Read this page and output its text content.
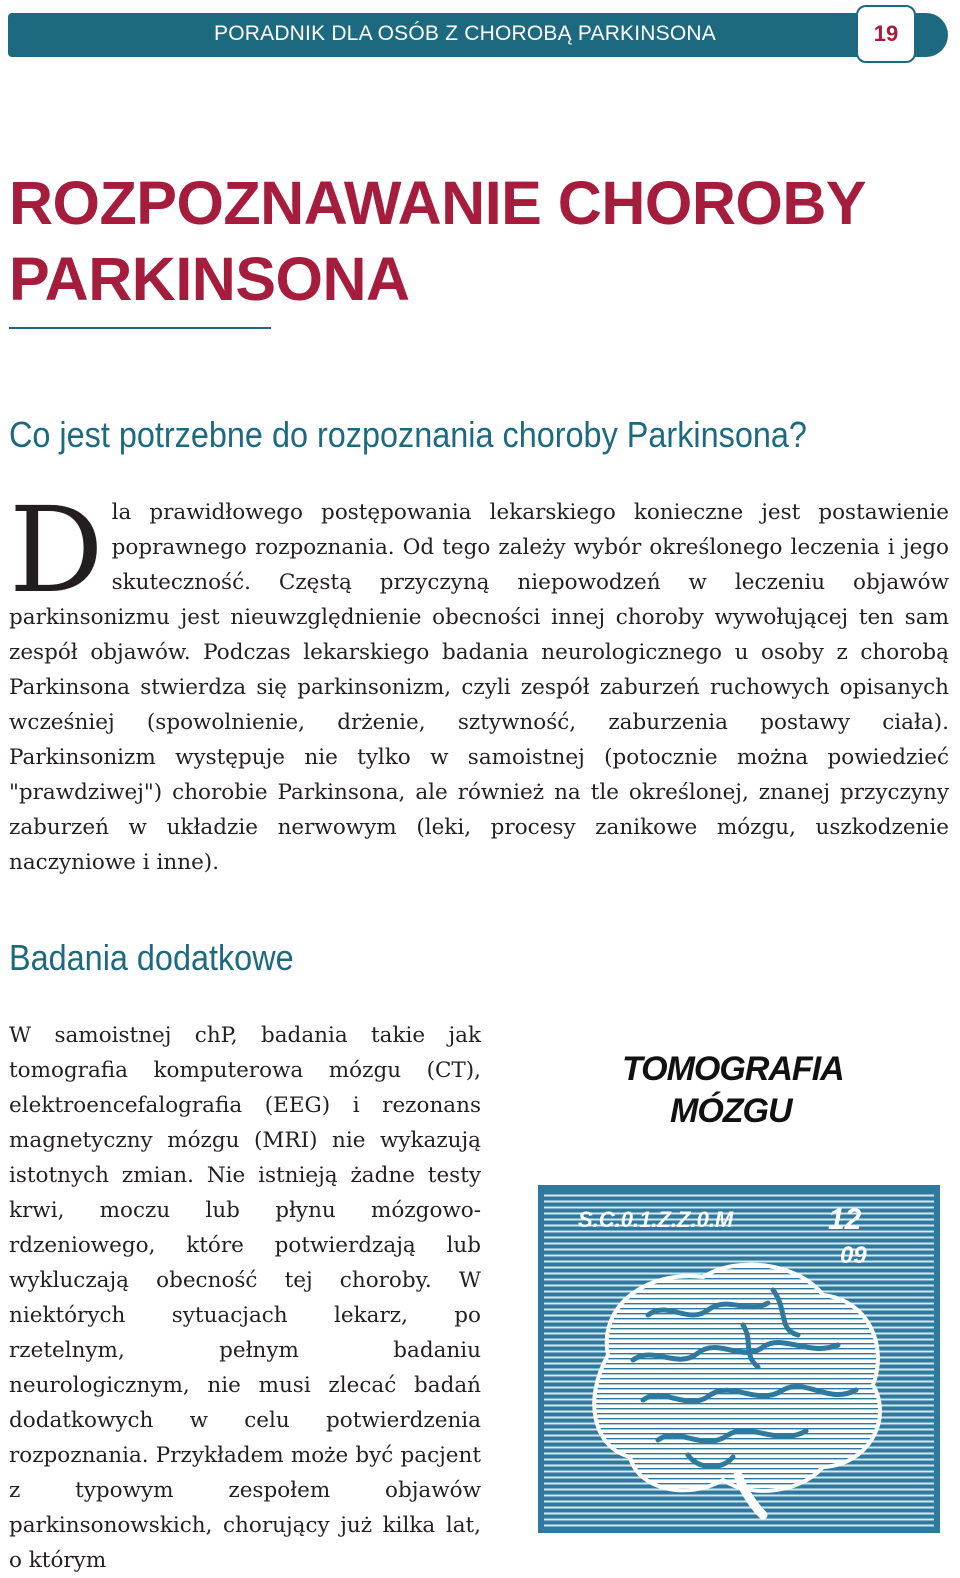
PORADNIK DLA OSÓB Z CHOROBĄ PARKINSONA	19
ROZPOZNAWANIE CHOROBY PARKINSONA
Co jest potrzebne do rozpoznania choroby Parkinsona?

Dla prawidłowego postępowania lekarskiego konieczne jest postawienie poprawnego rozpoznania. Od tego zależy wybór określonego leczenia i jego skuteczność. Częstą przyczyną niepowodzeń w leczeniu objawów parkinsonizmu jest nieuwzględnienie obecności innej choroby wywołującej ten sam zespół objawów. Podczas lekarskiego badania neurologicznego u osoby z chorobą Parkinsona stwierdza się parkinsonizm, czyli zespół zaburzeń ruchowych opisanych wcześniej (spowolnienie, drżenie, sztywność, zaburzenia postawy ciała). Parkinsonizm występuje nie tylko w samoistnej (potocznie można powiedzieć "prawdziwej") chorobie Parkinsona, ale również na tle określonej, znanej przyczyny zaburzeń w układzie nerwowym (leki, procesy zanikowe mózgu, uszkodzenie naczyniowe i inne).

Badania dodatkowe

W samoistnej chP, badania takie jak tomografia komputerowa mózgu (CT), elektroencefalografia (EEG) i rezonans magnetyczny mózgu (MRI) nie wykazują istotnych zmian. Nie istnieją żadne testy krwi, moczu lub płynu mózgowo-rdzeniowego, które potwierdzają lub wykluczają obecność tej choroby. W niektórych sytuacjach lekarz, po rzetelnym, pełnym badaniu neurologicznym, nie musi zlecać badań dodatkowych w celu potwierdzenia rozpoznania. Przykładem może być pacjent z typowym zespołem objawów parkinsonowskich, chorujący już kilka lat, o którym

TOMOGRAFIA
MÓZGU
S.C.0.1.Z.Z.0.M	12
09
